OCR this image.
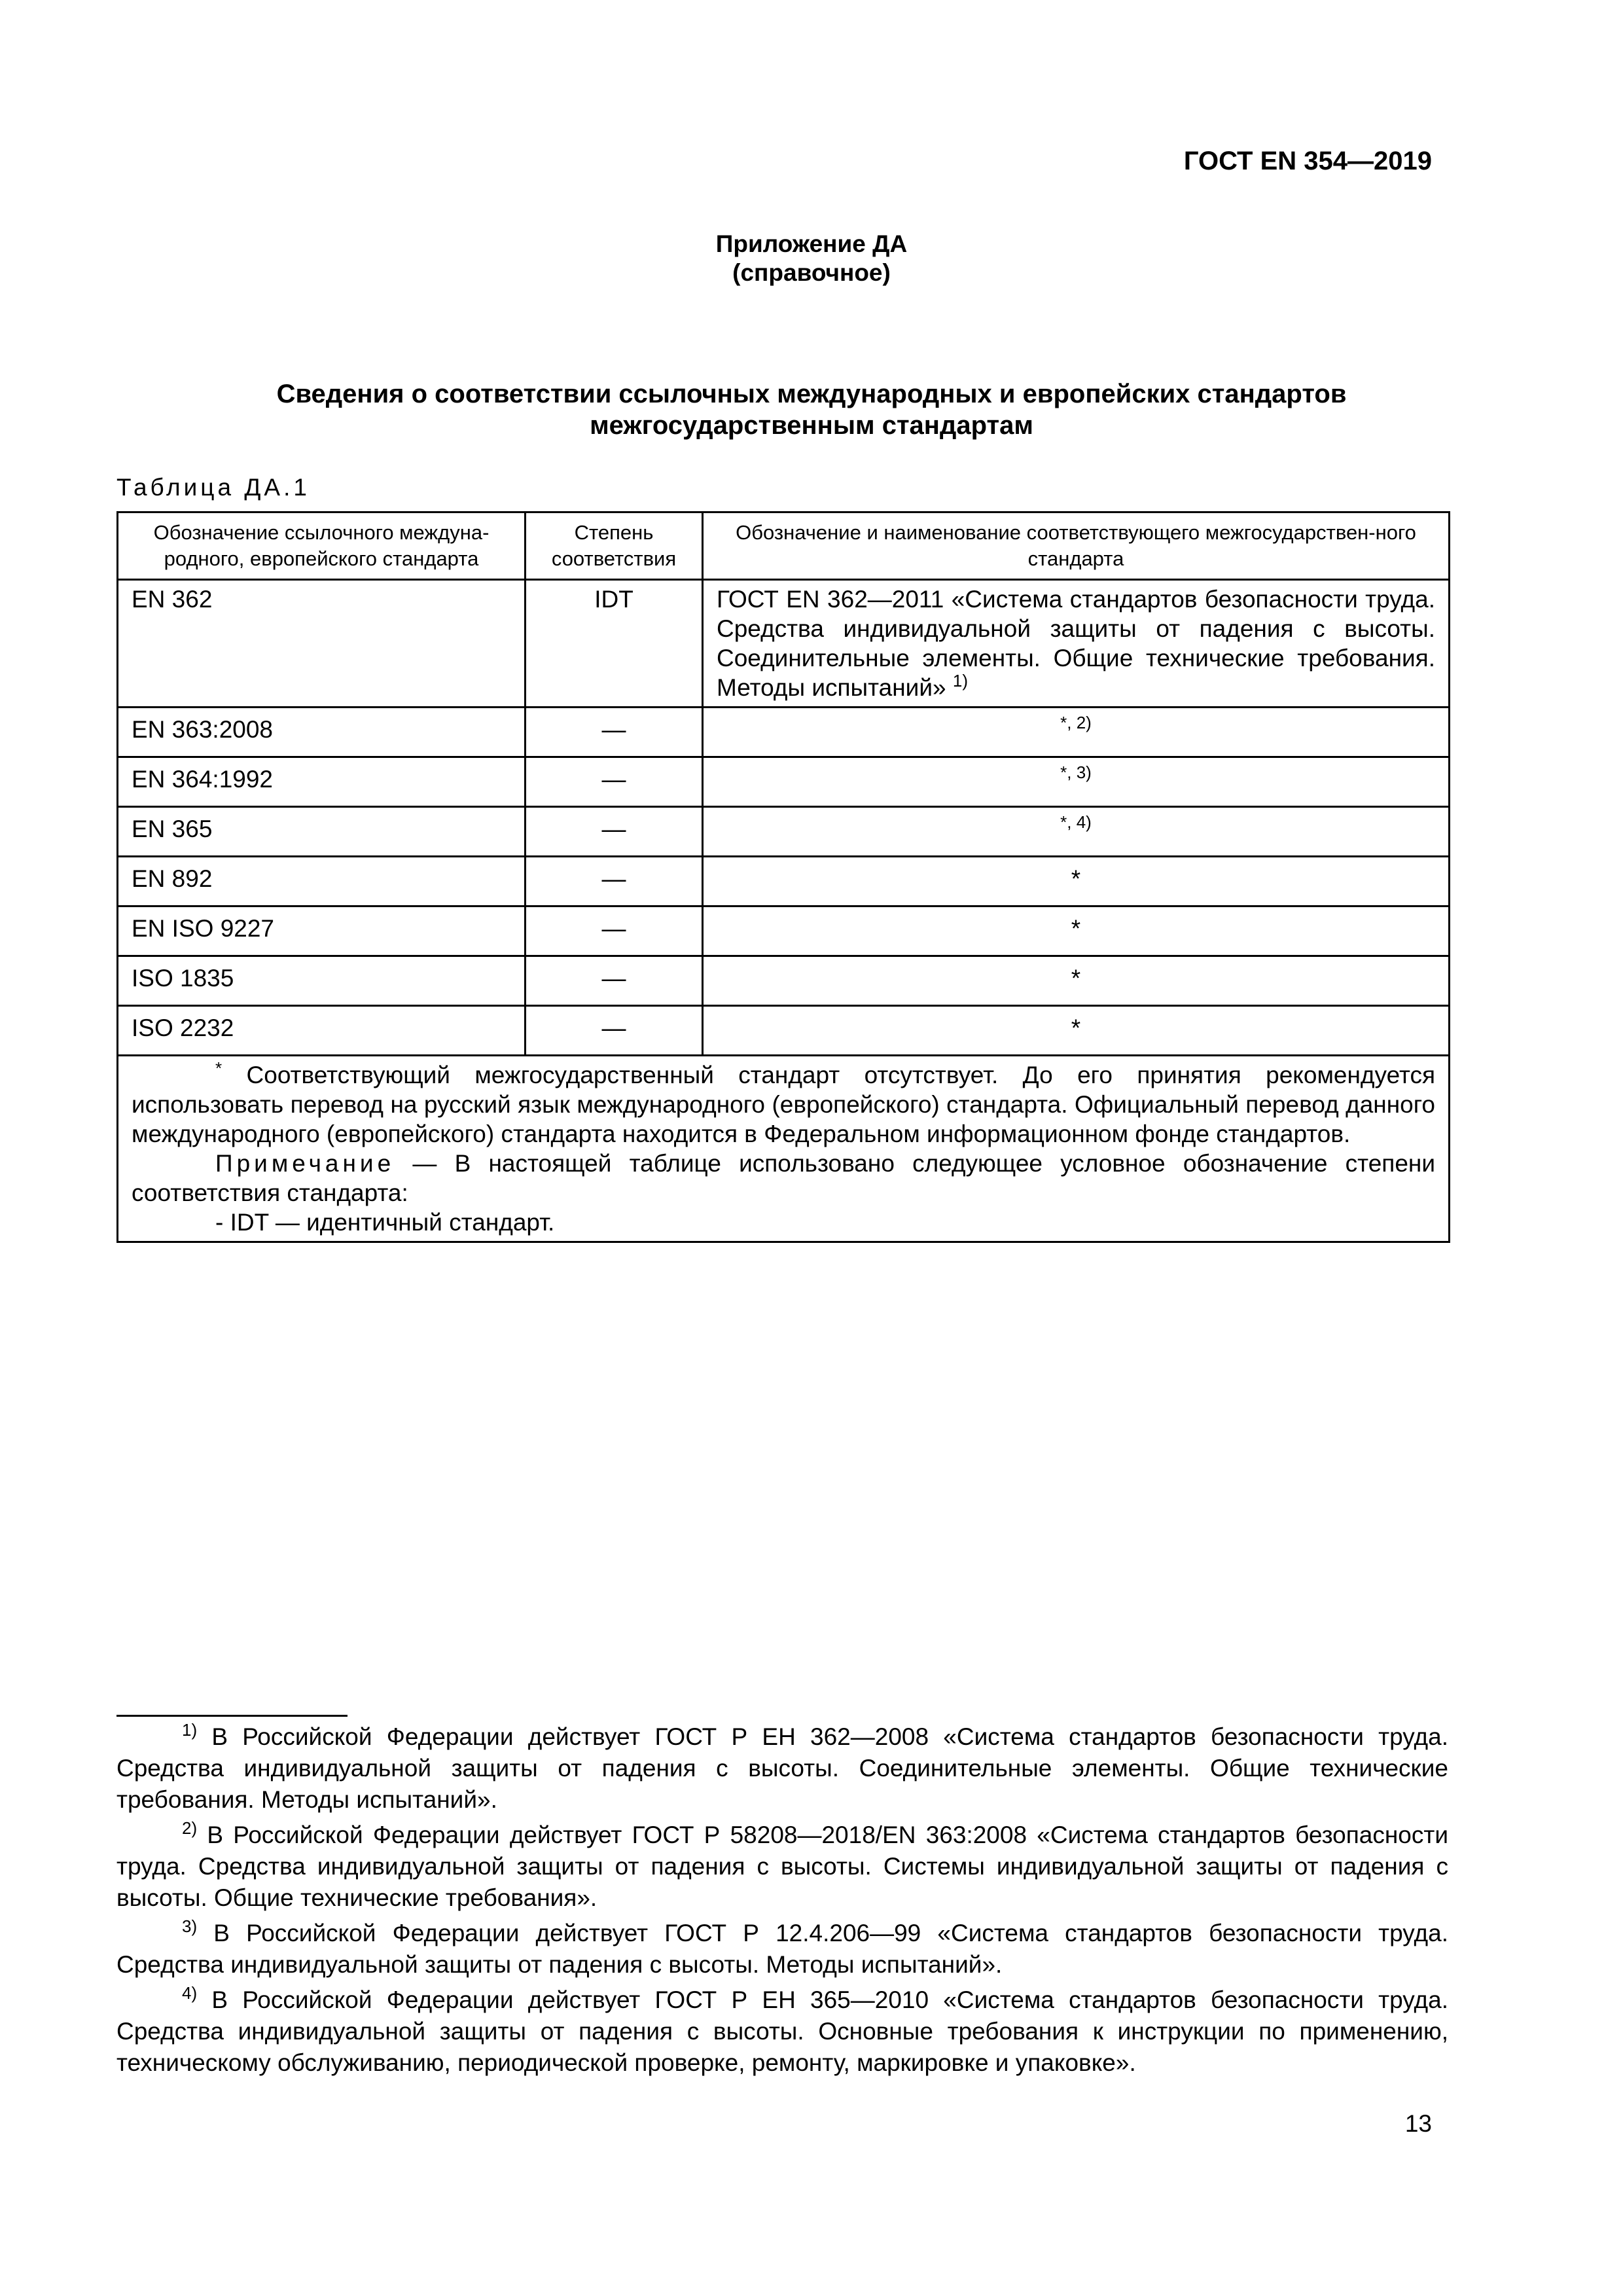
ГОСТ EN 354—2019
Приложение ДА
(справочное)
Сведения о соответствии ссылочных международных и европейских стандартов
межгосударственным стандартам
Таблица ДА.1
Обозначение ссылочного междуна-родного, европейского стандарта	Степень соответствия	Обозначение и наименование соответствующего межгосударствен-ного стандарта
EN 362	IDT	ГОСТ EN 362—2011 «Система стандартов безопасности труда. Средства индивидуальной защиты от падения с высоты. Соединительные элементы. Общие технические требования. Методы испытаний» $^{1)}$
EN 363:2008	—	$^{*, 2)}$
EN 364:1992	—	$^{*, 3)}$
EN 365	—	$^{*, 4)}$
EN 892	—	*
EN ISO 9227	—	*
ISO 1835	—	*
ISO 2232	—	*

* Соответствующий межгосударственный стандарт отсутствует. До его принятия рекомендуется использовать перевод на русский язык международного (европейского) стандарта. Официальный перевод данного международного (европейского) стандарта находится в Федеральном информационном фонде стандартов.

Примечание — В настоящей таблице использовано следующее условное обозначение степени соответствия стандарта:

- IDT — идентичный стандарт.		

$^{1)}$ В Российской Федерации действует ГОСТ Р ЕН 362—2008 «Система стандартов безопасности труда. Средства индивидуальной защиты от падения с высоты. Соединительные элементы. Общие технические требования. Методы испытаний».

$^{2)}$ В Российской Федерации действует ГОСТ Р 58208—2018/EN 363:2008 «Система стандартов безопасности труда. Средства индивидуальной защиты от падения с высоты. Системы индивидуальной защиты от падения с высоты. Общие технические требования».

$^{3)}$ В Российской Федерации действует ГОСТ Р 12.4.206—99 «Система стандартов безопасности труда. Средства индивидуальной защиты от падения с высоты. Методы испытаний».

$^{4)}$ В Российской Федерации действует ГОСТ Р ЕН 365—2010 «Система стандартов безопасности труда. Средства индивидуальной защиты от падения с высоты. Основные требования к инструкции по применению, техническому обслуживанию, периодической проверке, ремонту, маркировке и упаковке».

13
